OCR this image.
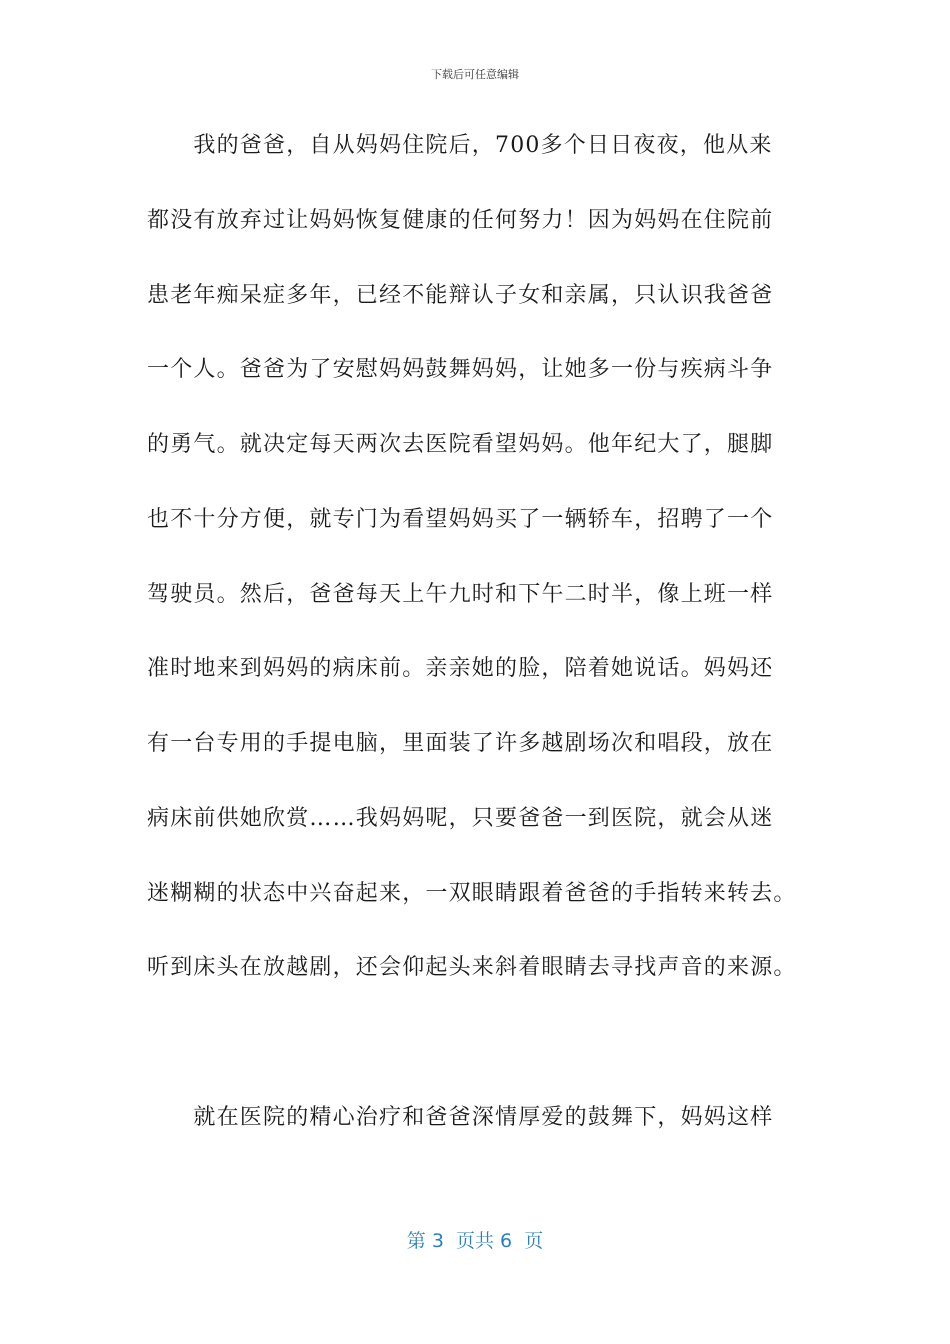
下载后可任意编辑
　　我的爸爸，自从妈妈住院后，700多个日日夜夜，他从来
都没有放弃过让妈妈恢复健康的任何努力！因为妈妈在住院前
患老年痴呆症多年，已经不能辩认子女和亲属，只认识我爸爸
一个人。爸爸为了安慰妈妈鼓舞妈妈，让她多一份与疾病斗争
的勇气。就决定每天两次去医院看望妈妈。他年纪大了，腿脚
也不十分方便，就专门为看望妈妈买了一辆轿车，招聘了一个
驾驶员。然后，爸爸每天上午九时和下午二时半，像上班一样
准时地来到妈妈的病床前。亲亲她的脸，陪着她说话。妈妈还
有一台专用的手提电脑，里面装了许多越剧场次和唱段，放在
病床前供她欣赏……我妈妈呢，只要爸爸一到医院，就会从迷
迷糊糊的状态中兴奋起来，一双眼睛跟着爸爸的手指转来转去。
听到床头在放越剧，还会仰起头来斜着眼睛去寻找声音的来源。
　　就在医院的精心治疗和爸爸深情厚爱的鼓舞下，妈妈这样
第 3  页共 6  页
